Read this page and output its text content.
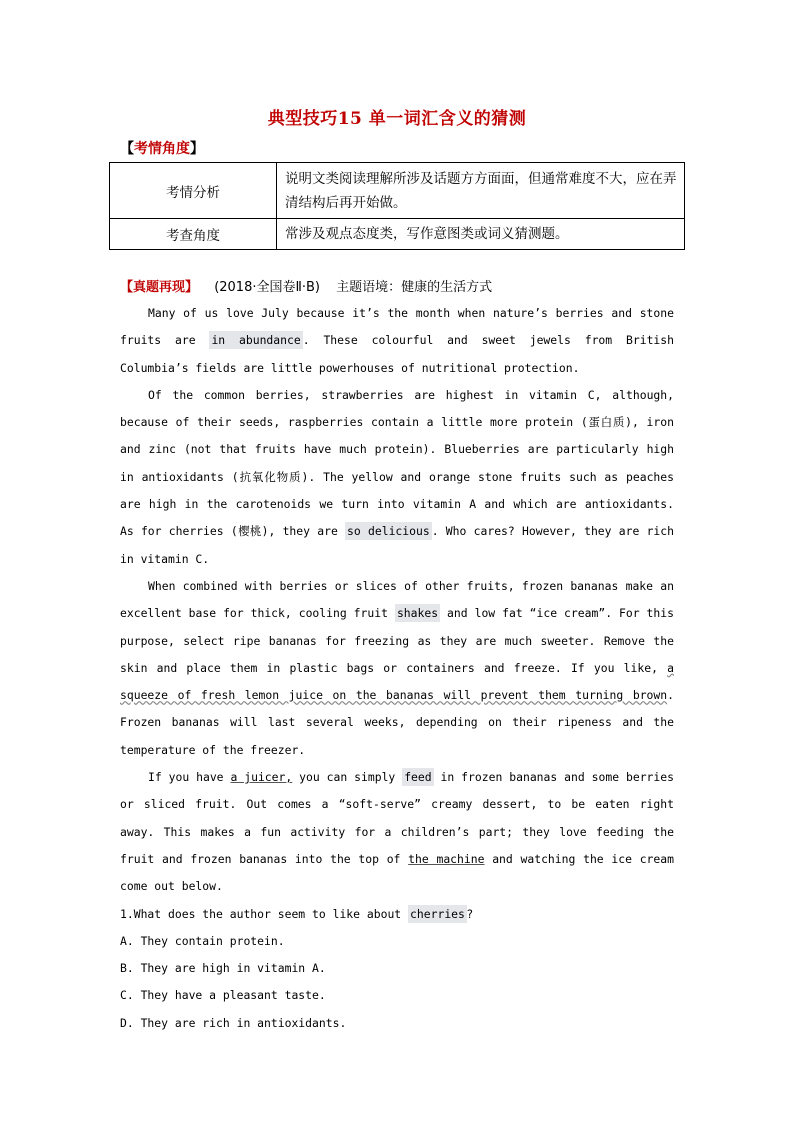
典型技巧15 单一词汇含义的猜测
【考情角度】
考情分析	说明文类阅读理解所涉及话题方方面面，但通常难度不大，应在弄清结构后再开始做。
考查角度	常涉及观点态度类，写作意图类或词义猜测题。
【真题再现】 (2018·全国卷Ⅱ·B) 主题语境：健康的生活方式

Many of us love July because it’s the month when nature’s berries and stone fruits are in abundance . These colourful and sweet jewels from British Columbia’s fields are little powerhouses of nutritional protection.

Of the common berries, strawberries are highest in vitamin C, although, because of their seeds, raspberries contain a little more protein (蛋白质), iron and zinc (not that fruits have much protein). Blueberries are particularly high in antioxidants (抗氧化物质). The yellow and orange stone fruits such as peaches are high in the carotenoids we turn into vitamin A and which are antioxidants. As for cherries (樱桃), they are so delicious . Who cares? However, they are rich in vitamin C.

When combined with berries or slices of other fruits, frozen bananas make an excellent base for thick, cooling fruit shakes and low fat “ice cream”. For this purpose, select ripe bananas for freezing as they are much sweeter. Remove the skin and place them in plastic bags or containers and freeze. If you like, a squeeze of fresh lemon juice on the bananas will prevent them turning brown. Frozen bananas will last several weeks, depending on their ripeness and the temperature of the freezer.

If you have a juicer, you can simply feed in frozen bananas and some berries or sliced fruit. Out comes a “soft-serve” creamy dessert, to be eaten right away. This makes a fun activity for a children’s part; they love feeding the fruit and frozen bananas into the top of the machine and watching the ice cream come out below.

1.What does the author seem to like about cherries ?

A. They contain protein.

B. They are high in vitamin A.

C. They have a pleasant taste.

D. They are rich in antioxidants.
